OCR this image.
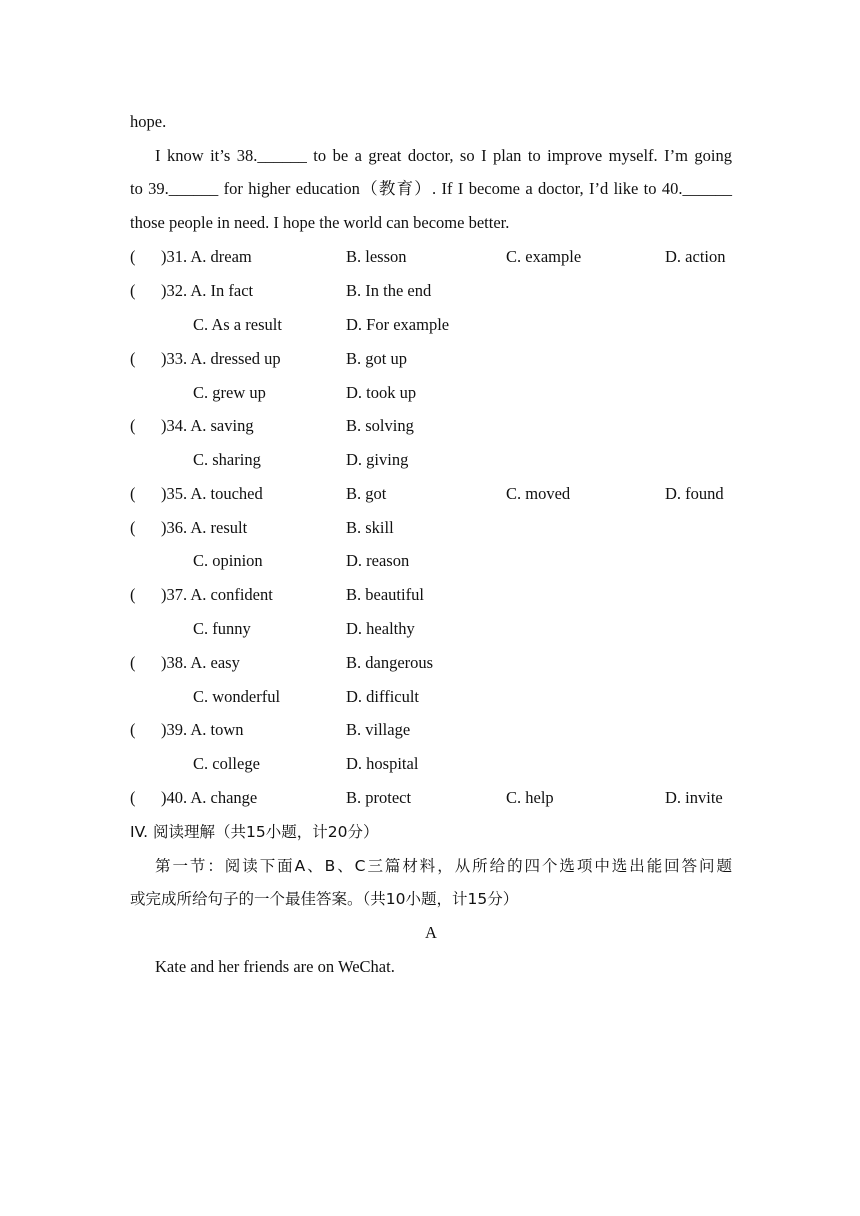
hope.
I know it’s 38.______ to be a great doctor, so I plan to improve myself. I’m going
to 39.______ for higher education（教育）. If I become a doctor, I’d like to 40.______
those people in need. I hope the world can become better.
( )31. A. dream	B. lesson	C. example	D. action
( )32. A. In fact	B. In the end
C. As a result	D. For example
( )33. A. dressed up	B. got up
C. grew up	D. took up
( )34. A. saving	B. solving
C. sharing	D. giving
( )35. A. touched	B. got	C. moved	D. found
( )36. A. result	B. skill
C. opinion	D. reason
( )37. A. confident	B. beautiful
C. funny	D. healthy
( )38. A. easy	B. dangerous
C. wonderful	D. difficult
( )39. A. town	B. village
C. college	D. hospital
( )40. A. change	B. protect	C. help	D. invite
IV. 阅读理解（共15小题，计20分）
第一节：阅读下面A、B、C三篇材料，从所给的四个选项中选出能回答问题
或完成所给句子的一个最佳答案。（共10小题，计15分）
A
Kate and her friends are on WeChat.
